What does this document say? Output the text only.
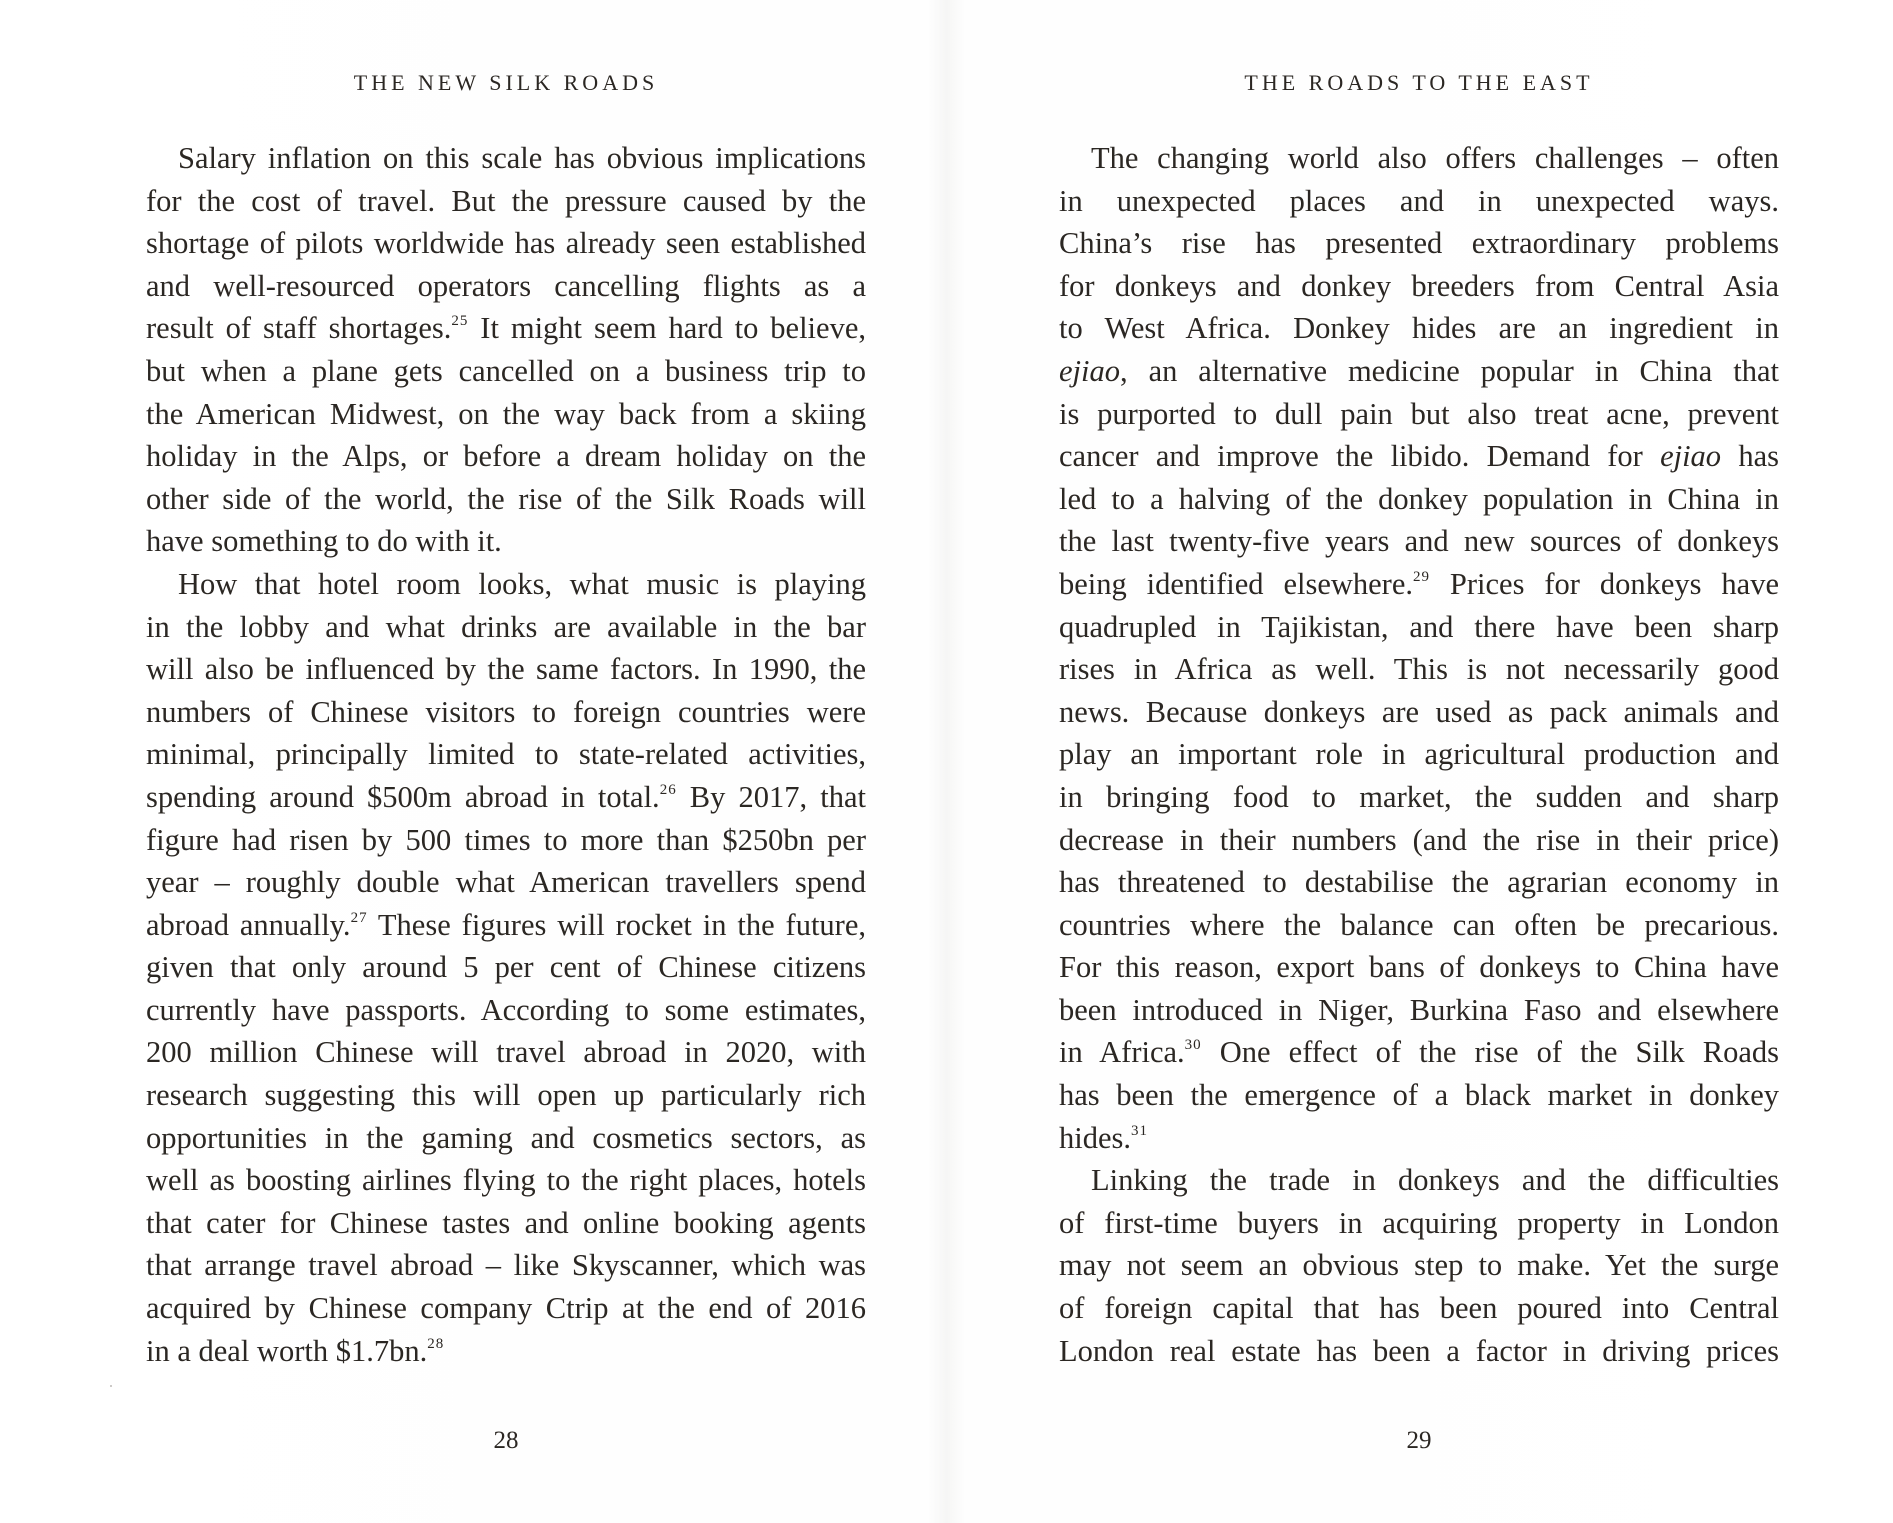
THE NEW SILK ROADS
Salary inflation on this scale has obvious implications
for the cost of travel. But the pressure caused by the
shortage of pilots worldwide has already seen established
and well-resourced operators cancelling flights as a
result of staff shortages.$^{25}$ It might seem hard to believe,
but when a plane gets cancelled on a business trip to
the American Midwest, on the way back from a skiing
holiday in the Alps, or before a dream holiday on the
other side of the world, the rise of the Silk Roads will
have something to do with it.
How that hotel room looks, what music is playing
in the lobby and what drinks are available in the bar
will also be influenced by the same factors. In 1990, the
numbers of Chinese visitors to foreign countries were
minimal, principally limited to state-related activities,
spending around $500m abroad in total.$^{26}$ By 2017, that
figure had risen by 500 times to more than $250bn per
year – roughly double what American travellers spend
abroad annually.$^{27}$ These figures will rocket in the future,
given that only around 5 per cent of Chinese citizens
currently have passports. According to some estimates,
200 million Chinese will travel abroad in 2020, with
research suggesting this will open up particularly rich
opportunities in the gaming and cosmetics sectors, as
well as boosting airlines flying to the right places, hotels
that cater for Chinese tastes and online booking agents
that arrange travel abroad – like Skyscanner, which was
acquired by Chinese company Ctrip at the end of 2016
in a deal worth $1.7bn.$^{28}$
28
THE ROADS TO THE EAST
The changing world also offers challenges – often
in unexpected places and in unexpected ways.
China’s rise has presented extraordinary problems
for donkeys and donkey breeders from Central Asia
to West Africa. Donkey hides are an ingredient in
ejiao, an alternative medicine popular in China that
is purported to dull pain but also treat acne, prevent
cancer and improve the libido. Demand for ejiao has
led to a halving of the donkey population in China in
the last twenty-five years and new sources of donkeys
being identified elsewhere.$^{29}$ Prices for donkeys have
quadrupled in Tajikistan, and there have been sharp
rises in Africa as well. This is not necessarily good
news. Because donkeys are used as pack animals and
play an important role in agricultural production and
in bringing food to market, the sudden and sharp
decrease in their numbers (and the rise in their price)
has threatened to destabilise the agrarian economy in
countries where the balance can often be precarious.
For this reason, export bans of donkeys to China have
been introduced in Niger, Burkina Faso and elsewhere
in Africa.$^{30}$ One effect of the rise of the Silk Roads
has been the emergence of a black market in donkey
hides.$^{31}$
Linking the trade in donkeys and the difficulties
of first-time buyers in acquiring property in London
may not seem an obvious step to make. Yet the surge
of foreign capital that has been poured into Central
London real estate has been a factor in driving prices
29
